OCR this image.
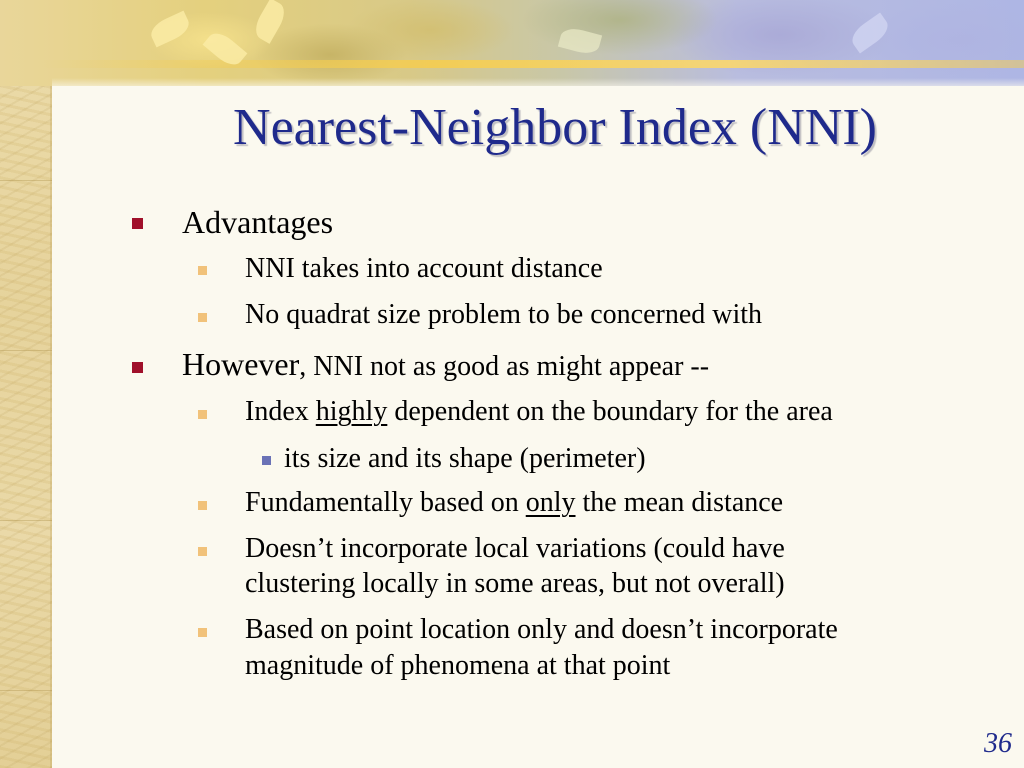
Nearest-Neighbor Index (NNI)
Advantages
NNI takes into account distance
No quadrat size problem to be concerned with
However, NNI not as good as might appear --
Index highly dependent on the boundary for the area
its size and its shape (perimeter)
Fundamentally based on only the mean distance
Doesn’t incorporate local variations (could have
clustering locally in some areas, but not overall)
Based on point location only and doesn’t incorporate
magnitude of phenomena at that point
36
